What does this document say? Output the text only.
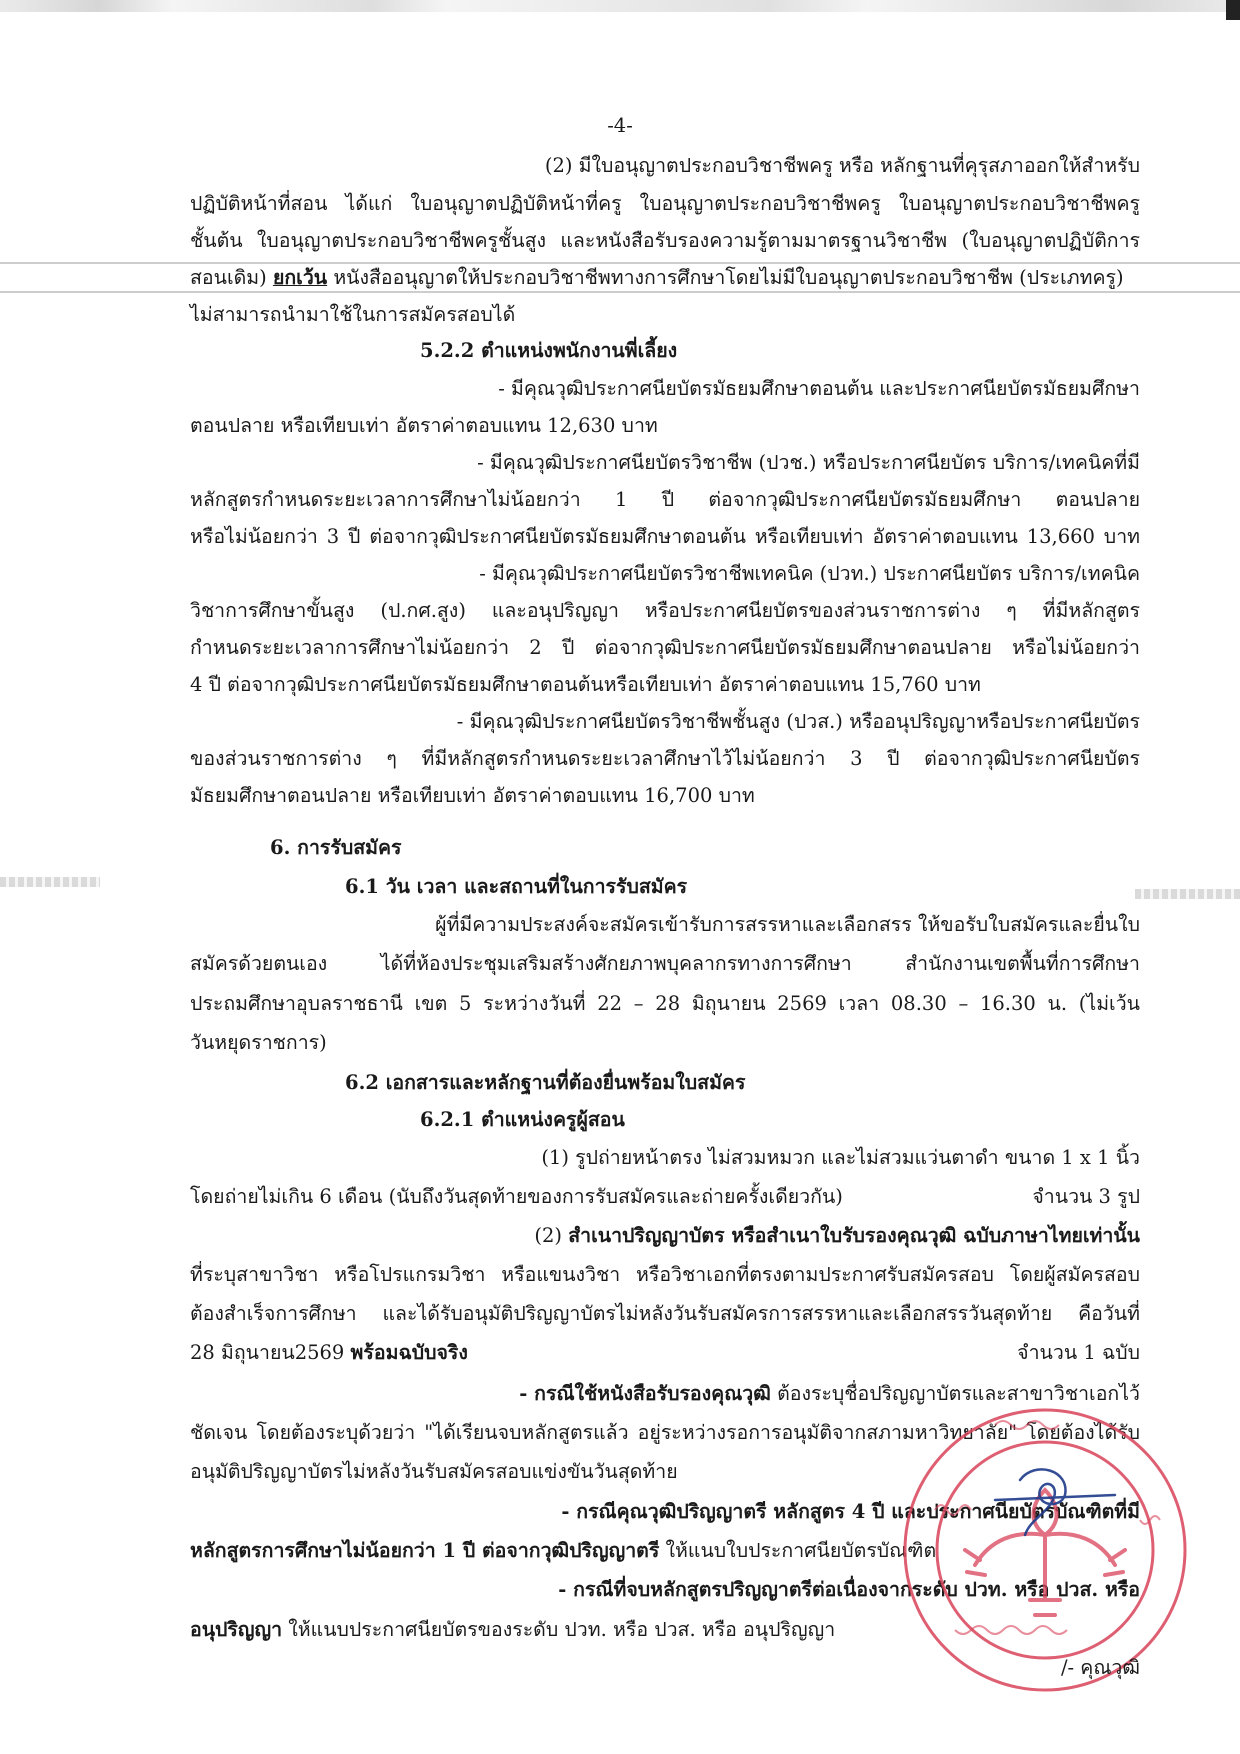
-4-

(2) มีใบอนุญาตประกอบวิชาชีพครู หรือ หลักฐานที่คุรุสภาออกให้สำหรับ

ปฏิบัติหน้าที่สอน ได้แก่ ใบอนุญาตปฏิบัติหน้าที่ครู ใบอนุญาตประกอบวิชาชีพครู ใบอนุญาตประกอบวิชาชีพครู

ชั้นต้น ใบอนุญาตประกอบวิชาชีพครูชั้นสูง และหนังสือรับรองความรู้ตามมาตรฐานวิชาชีพ (ใบอนุญาตปฏิบัติการ

สอนเดิม) ยกเว้น หนังสืออนุญาตให้ประกอบวิชาชีพทางการศึกษาโดยไม่มีใบอนุญาตประกอบวิชาชีพ (ประเภทครู)

ไม่สามารถนำมาใช้ในการสมัครสอบได้

5.2.2 ตำแหน่งพนักงานพี่เลี้ยง

- มีคุณวุฒิประกาศนียบัตรมัธยมศึกษาตอนต้น และประกาศนียบัตรมัธยมศึกษา

ตอนปลาย หรือเทียบเท่า อัตราค่าตอบแทน 12,630 บาท

- มีคุณวุฒิประกาศนียบัตรวิชาชีพ (ปวช.) หรือประกาศนียบัตร บริการ/เทคนิคที่มี

หลักสูตรกำหนดระยะเวลาการศึกษาไม่น้อยกว่า 1 ปี ต่อจากวุฒิประกาศนียบัตรมัธยมศึกษา ตอนปลาย

หรือไม่น้อยกว่า 3 ปี ต่อจากวุฒิประกาศนียบัตรมัธยมศึกษาตอนต้น หรือเทียบเท่า อัตราค่าตอบแทน 13,660 บาท

- มีคุณวุฒิประกาศนียบัตรวิชาชีพเทคนิค (ปวท.) ประกาศนียบัตร บริการ/เทคนิค

วิชาการศึกษาขั้นสูง (ป.กศ.สูง) และอนุปริญญา หรือประกาศนียบัตรของส่วนราชการต่าง ๆ ที่มีหลักสูตร

กำหนดระยะเวลาการศึกษาไม่น้อยกว่า 2 ปี ต่อจากวุฒิประกาศนียบัตรมัธยมศึกษาตอนปลาย หรือไม่น้อยกว่า

4 ปี ต่อจากวุฒิประกาศนียบัตรมัธยมศึกษาตอนต้นหรือเทียบเท่า อัตราค่าตอบแทน 15,760 บาท

- มีคุณวุฒิประกาศนียบัตรวิชาชีพชั้นสูง (ปวส.) หรืออนุปริญญาหรือประกาศนียบัตร

ของส่วนราชการต่าง ๆ ที่มีหลักสูตรกำหนดระยะเวลาศึกษาไว้ไม่น้อยกว่า 3 ปี ต่อจากวุฒิประกาศนียบัตร

มัธยมศึกษาตอนปลาย หรือเทียบเท่า อัตราค่าตอบแทน 16,700 บาท

6. การรับสมัคร

6.1 วัน เวลา และสถานที่ในการรับสมัคร

ผู้ที่มีความประสงค์จะสมัครเข้ารับการสรรหาและเลือกสรร ให้ขอรับใบสมัครและยื่นใบ

สมัครด้วยตนเอง ได้ที่ห้องประชุมเสริมสร้างศักยภาพบุคลากรทางการศึกษา สำนักงานเขตพื้นที่การศึกษา

ประถมศึกษาอุบลราชธานี เขต 5 ระหว่างวันที่ 22 – 28 มิถุนายน 2569 เวลา 08.30 – 16.30 น. (ไม่เว้น

วันหยุดราชการ)

6.2 เอกสารและหลักฐานที่ต้องยื่นพร้อมใบสมัคร

6.2.1 ตำแหน่งครูผู้สอน

(1) รูปถ่ายหน้าตรง ไม่สวมหมวก และไม่สวมแว่นตาดำ ขนาด 1 x 1 นิ้ว

โดยถ่ายไม่เกิน 6 เดือน (นับถึงวันสุดท้ายของการรับสมัครและถ่ายครั้งเดียวกัน)	จำนวน 3 รูป

(2) สำเนาปริญญาบัตร หรือสำเนาใบรับรองคุณวุฒิ ฉบับภาษาไทยเท่านั้น

ที่ระบุสาขาวิชา หรือโปรแกรมวิชา หรือแขนงวิชา หรือวิชาเอกที่ตรงตามประกาศรับสมัครสอบ โดยผู้สมัครสอบ

ต้องสำเร็จการศึกษา และได้รับอนุมัติปริญญาบัตรไม่หลังวันรับสมัครการสรรหาและเลือกสรรวันสุดท้าย คือวันที่

28 มิถุนายน2569 พร้อมฉบับจริง	จำนวน 1 ฉบับ

- กรณีใช้หนังสือรับรองคุณวุฒิ ต้องระบุชื่อปริญญาบัตรและสาขาวิชาเอกไว้

ชัดเจน โดยต้องระบุด้วยว่า "ได้เรียนจบหลักสูตรแล้ว อยู่ระหว่างรอการอนุมัติจากสภามหาวิทยาลัย" โดยต้องได้รับ

อนุมัติปริญญาบัตรไม่หลังวันรับสมัครสอบแข่งขันวันสุดท้าย

- กรณีคุณวุฒิปริญญาตรี หลักสูตร 4 ปี และประกาศนียบัตรบัณฑิตที่มี

หลักสูตรการศึกษาไม่น้อยกว่า 1 ปี ต่อจากวุฒิปริญญาตรี ให้แนบใบประกาศนียบัตรบัณฑิต

- กรณีที่จบหลักสูตรปริญญาตรีต่อเนื่องจากระดับ ปวท. หรือ ปวส. หรือ

อนุปริญญา ให้แนบประกาศนียบัตรของระดับ ปวท. หรือ ปวส. หรือ อนุปริญญา

/- คุณวุฒิ
